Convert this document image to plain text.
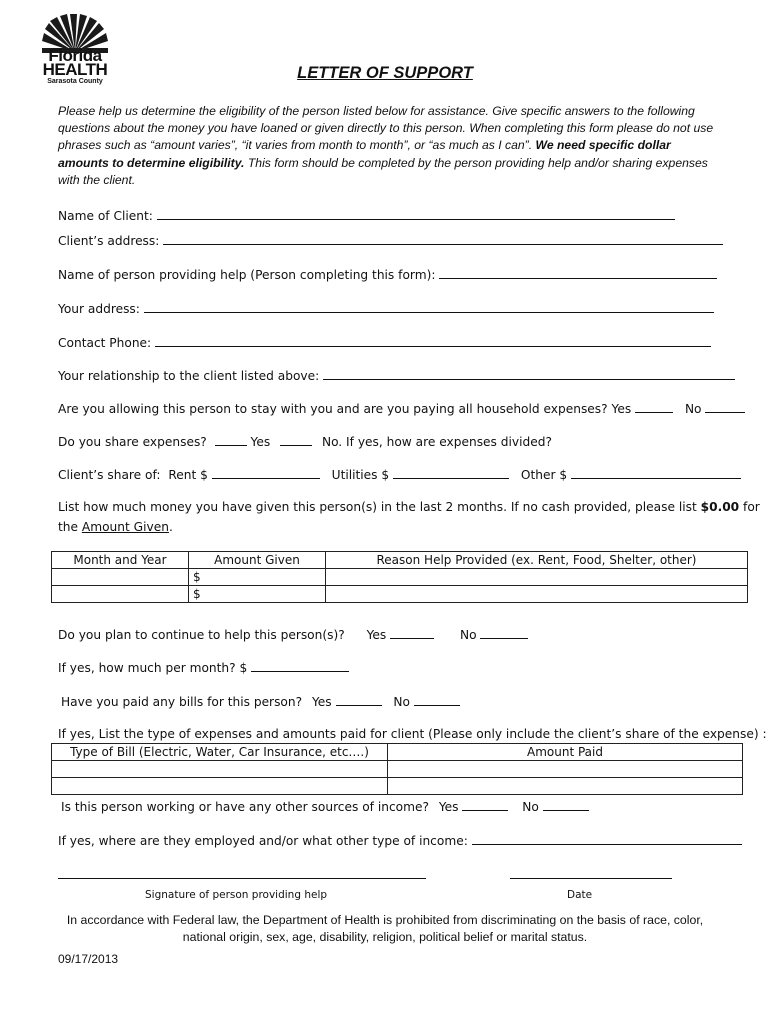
Florida
HEALTH
Sarasota County	LETTER OF SUPPORT
Please help us determine the eligibility of the person listed below for assistance. Give specific answers to the following questions about the money you have loaned or given directly to this person. When completing this form please do not use phrases such as “amount varies”, “it varies from month to month”, or “as much as I can”. We need specific dollar amounts to determine eligibility. This form should be completed by the person providing help and/or sharing expenses with the client.
Name of Client:
Client’s address:
Name of person providing help (Person completing this form):
Your address:
Contact Phone:
Your relationship to the client listed above:
Are you allowing this person to stay with you and are you paying all household expenses? Yes	No
Do you share expenses?	Yes	No. If yes, how are expenses divided?
Client’s share of: Rent $	Utilities $	Other $
List how much money you have given this person(s) in the last 2 months. If no cash provided, please list $0.00 for
the Amount Given.
Month and Year	Amount Given	Reason Help Provided (ex. Rent, Food, Shelter, other)
	$	
	$	
Do you plan to continue to help this person(s)? Yes	No
If yes, how much per month? $
Have you paid any bills for this person? Yes	No
If yes, List the type of expenses and amounts paid for client (Please only include the client’s share of the expense) :
Type of Bill (Electric, Water, Car Insurance, etc….)	Amount Paid

Is this person working or have any other sources of income? Yes	No
If yes, where are they employed and/or what other type of income:
Signature of person providing help	Date
In accordance with Federal law, the Department of Health is prohibited from discriminating on the basis of race, color,
national origin, sex, age, disability, religion, political belief or marital status.
09/17/2013
